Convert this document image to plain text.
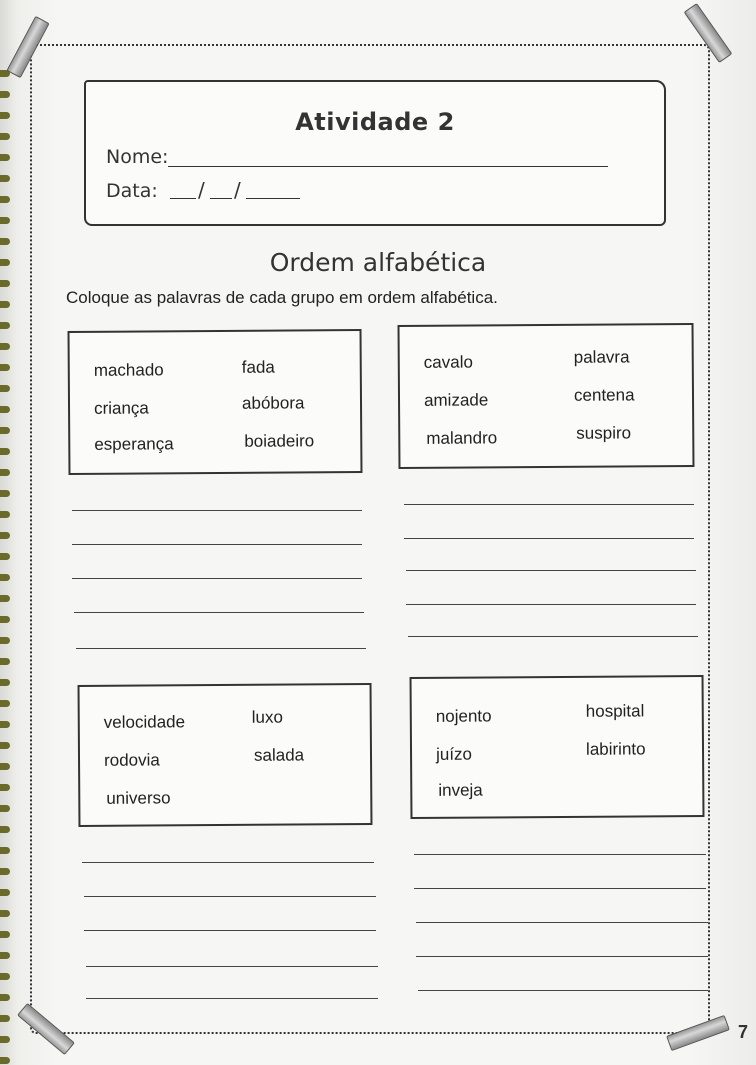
Atividade 2
Nome:
Data: / /
Ordem alfabética
Coloque as palavras de cada grupo em ordem alfabética.
machado	fada
criança	abóbora
esperança	boiadeiro
cavalo	palavra
amizade	centena
malandro	suspiro
velocidade	luxo
rodovia	salada
universo
nojento	hospital
juízo	labirinto
inveja
7
